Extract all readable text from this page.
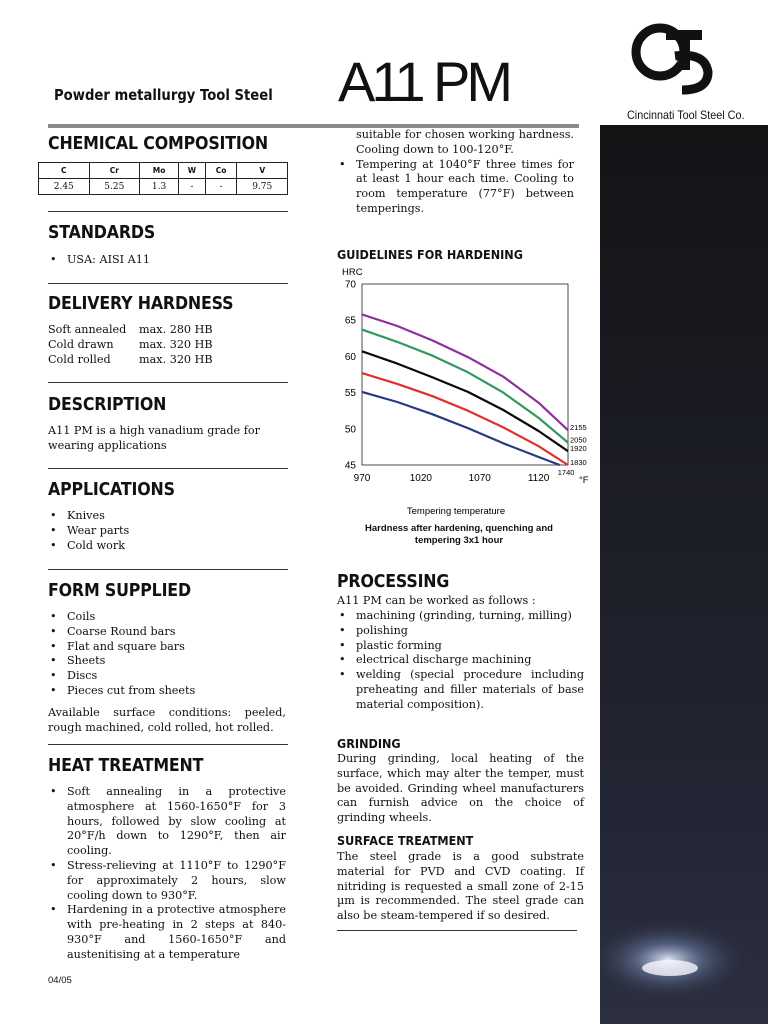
CTS
Cincinnati Tool Steel Co.
Powder metallurgy Tool Steel A11 PM
CHEMICAL COMPOSITION
C	Cr	Mo	W	Co	V
2.45	5.25	1.3	-	-	9.75
STANDARDS
• USA: AISI A11
DELIVERY HARDNESS
Soft annealed max. 280 HB
Cold drawn max. 320 HB
Cold rolled	max. 320 HB
DESCRIPTION
A11 PM is a high vanadium grade for wearing applications
APPLICATIONS
• Knives
• Wear parts
• Cold work
FORM SUPPLIED
• Coils
• Coarse Round bars
• Flat and square bars
• Sheets
• Discs
• Pieces cut from sheets
Available surface conditions: peeled, rough machined, cold rolled, hot rolled.
HEAT TREATMENT
• Soft annealing in a protective atmosphere at 1560-1650°F for 3 hours, followed by slow cooling at 20°F/h down to 1290°F, then air cooling.
• Stress-relieving at 1110°F to 1290°F for approximately 2 hours, slow cooling down to 930°F.
• Hardening in a protective atmosphere with pre-heating in 2 steps at 840-930°F and 1560-1650°F and austenitising at a temperature
04/05
suitable for chosen working hardness. Cooling down to 100-120°F.
• Tempering at 1040°F three times for at least 1 hour each time. Cooling to room temperature (77°F) between temperings.
GUIDELINES FOR HARDENING
45
50
55
60
65
70
970	1020	1070	1120
2155
2050
1920
1830
1740
HRC
°F
Tempering temperature
Hardness after hardening, quenching and tempering 3x1 hour
PROCESSING
A11 PM can be worked as follows :
• machining (grinding, turning, milling)
• polishing
• plastic forming
• electrical discharge machining
• welding (special procedure including preheating and filler materials of base material composition).
GRINDING
During grinding, local heating of the surface, which may alter the temper, must be avoided. Grinding wheel manufacturers can furnish advice on the choice of grinding wheels.
SURFACE TREATMENT
The steel grade is a good substrate material for PVD and CVD coating. If nitriding is requested a small zone of 2-15 µm is recommended. The steel grade can also be steam-tempered if so desired.
